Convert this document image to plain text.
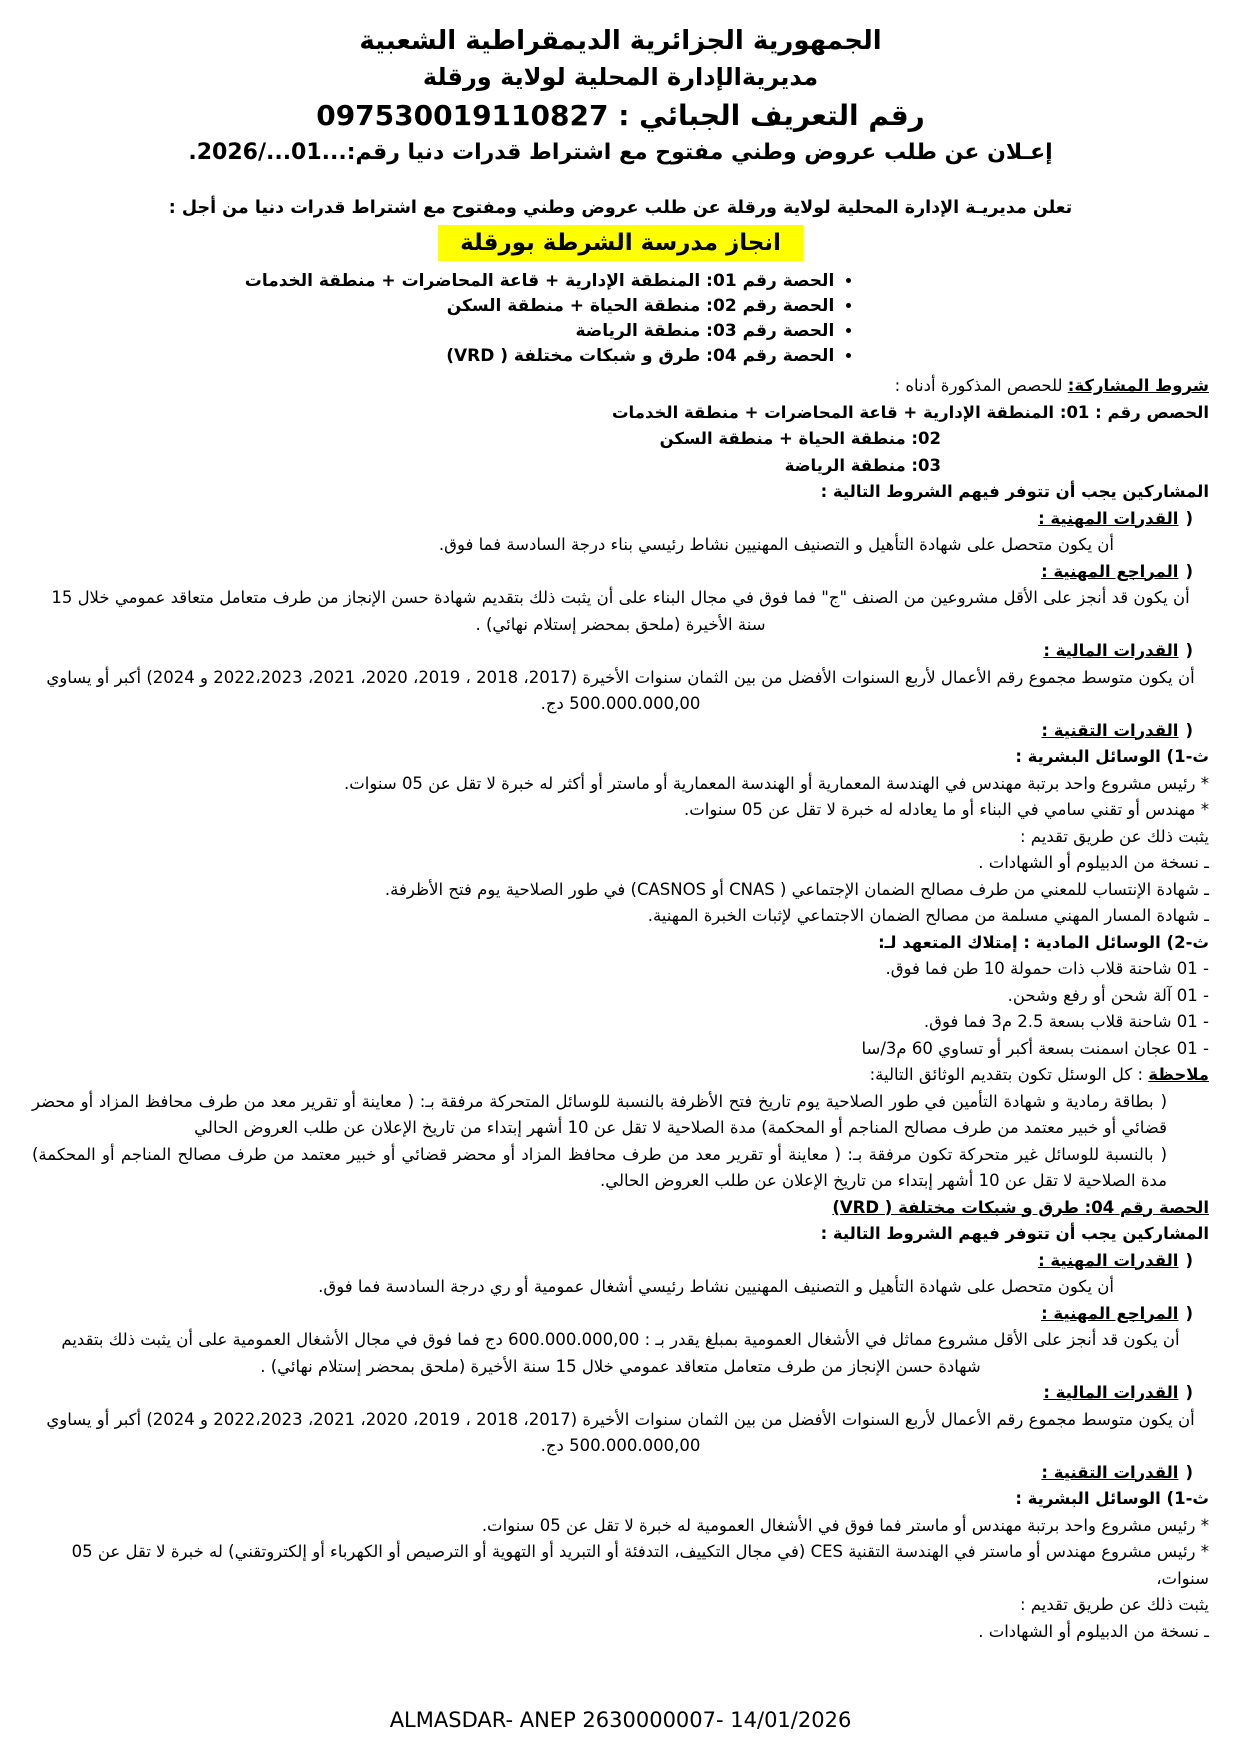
الجمهورية الجزائرية الديمقراطية الشعبية
مديريةالإدارة المحلية لولاية ورقلة
رقم التعريف الجبائي : 097530019110827
إعـلان عن طلب عروض وطني مفتوح مع اشتراط قدرات دنيا رقم:...01.../2026.
تعلن مديريـة الإدارة المحلية لولاية ورقلة عن طلب عروض وطني ومفتوح مع اشتراط قدرات دنيا من أجل :
انجاز مدرسة الشرطة بورقلة
• الحصة رقم 01: المنطقة الإدارية + قاعة المحاضرات + منطقة الخدمات
• الحصة رقم 02: منطقة الحياة + منطقة السكن
• الحصة رقم 03: منطقة الرياضة
• الحصة رقم 04: طرق و شبكات مختلفة ( VRD)
شروط المشاركة: للحصص المذكورة أدناه :
الحصص رقم : 01: المنطقة الإدارية + قاعة المحاضرات + منطقة الخدمات
02: منطقة الحياة + منطقة السكن
03: منطقة الرياضة
المشاركين يجب أن تتوفر فيهم الشروط التالية :
)القدرات المهنية :
أن يكون متحصل على شهادة التأهيل و التصنيف المهنيين نشاط رئيسي بناء درجة السادسة فما فوق.
)المراجع المهنية :
أن يكون قد أنجز على الأقل مشروعين من الصنف "ج" فما فوق في مجال البناء على أن يثبت ذلك بتقديم شهادة حسن الإنجاز من طرف متعامل متعاقد عمومي خلال 15 سنة الأخيرة (ملحق بمحضر إستلام نهائي) .
)القدرات المالية :
أن يكون متوسط مجموع رقم الأعمال لأربع السنوات الأفضل من بين الثمان سنوات الأخيرة (2017، 2018 ، 2019، 2020، 2021، 2022،2023 و 2024) أكبر أو يساوي 500.000.000,00 دج.
)القدرات التقنية :
ث-1) الوسائل البشرية :
* رئيس مشروع واحد برتبة مهندس في الهندسة المعمارية أو الهندسة المعمارية أو ماستر أو أكثر له خبرة لا تقل عن 05 سنوات.
* مهندس أو تقني سامي في البناء أو ما يعادله له خبرة لا تقل عن 05 سنوات.
يثبت ذلك عن طريق تقديم :
ـ نسخة من الدبيلوم أو الشهادات .
ـ شهادة الإنتساب للمعني من طرف مصالح الضمان الإجتماعي ( CNAS أو CASNOS) في طور الصلاحية يوم فتح الأظرفة.
ـ شهادة المسار المهني مسلمة من مصالح الضمان الاجتماعي لإثبات الخبرة المهنية.
ث-2) الوسائل المادية : إمتلاك المتعهد لـ:
- 01 شاحنة قلاب ذات حمولة 10 طن فما فوق.
- 01 آلة شحن أو رفع وشحن.
- 01 شاحنة قلاب بسعة 2.5 م3 فما فوق.
- 01 عجان اسمنت بسعة أكبر أو تساوي 60 م3/سا
ملاحظة : كل الوسئل تكون بتقديم الوثائق التالية:
)بطاقة رمادية و شهادة التأمين في طور الصلاحية يوم تاريخ فتح الأظرفة بالنسبة للوسائل المتحركة مرفقة بـ: ( معاينة أو تقرير معد من طرف محافظ المزاد أو محضر قضائي أو خبير معتمد من طرف مصالح المناجم أو المحكمة) مدة الصلاحية لا تقل عن 10 أشهر إبتداء من تاريخ الإعلان عن طلب العروض الحالي
)بالنسبة للوسائل غير متحركة تكون مرفقة بـ: ( معاينة أو تقرير معد من طرف محافظ المزاد أو محضر قضائي أو خبير معتمد من طرف مصالح المناجم أو المحكمة) مدة الصلاحية لا تقل عن 10 أشهر إبتداء من تاريخ الإعلان عن طلب العروض الحالي.
الحصة رقم 04: طرق و شبكات مختلفة ( VRD)
المشاركين يجب أن تتوفر فيهم الشروط التالية :
)القدرات المهنية :
أن يكون متحصل على شهادة التأهيل و التصنيف المهنيين نشاط رئيسي أشغال عمومية أو ري درجة السادسة فما فوق.
)المراجع المهنية :
أن يكون قد أنجز على الأقل مشروع مماثل في الأشغال العمومية بمبلغ يقدر بـ : 600.000.000,00 دج فما فوق في مجال الأشغال العمومية على أن يثبت ذلك بتقديم شهادة حسن الإنجاز من طرف متعامل متعاقد عمومي خلال 15 سنة الأخيرة (ملحق بمحضر إستلام نهائي) .
)القدرات المالية :
أن يكون متوسط مجموع رقم الأعمال لأربع السنوات الأفضل من بين الثمان سنوات الأخيرة (2017، 2018 ، 2019، 2020، 2021، 2022،2023 و 2024) أكبر أو يساوي 500.000.000,00 دج.
)القدرات التقنية :
ث-1) الوسائل البشرية :
* رئيس مشروع واحد برتبة مهندس أو ماستر فما فوق في الأشغال العمومية له خبرة لا تقل عن 05 سنوات.
* رئيس مشروع مهندس أو ماستر في الهندسة التقنية CES (في مجال التكييف، التدفئة أو التبريد أو التهوية أو الترصيص أو الكهرباء أو إلكتروتقني) له خبرة لا تقل عن 05 سنوات،
يثبت ذلك عن طريق تقديم :
ـ نسخة من الدبيلوم أو الشهادات .
ALMASDAR- ANEP 2630000007- 14/01/2026
